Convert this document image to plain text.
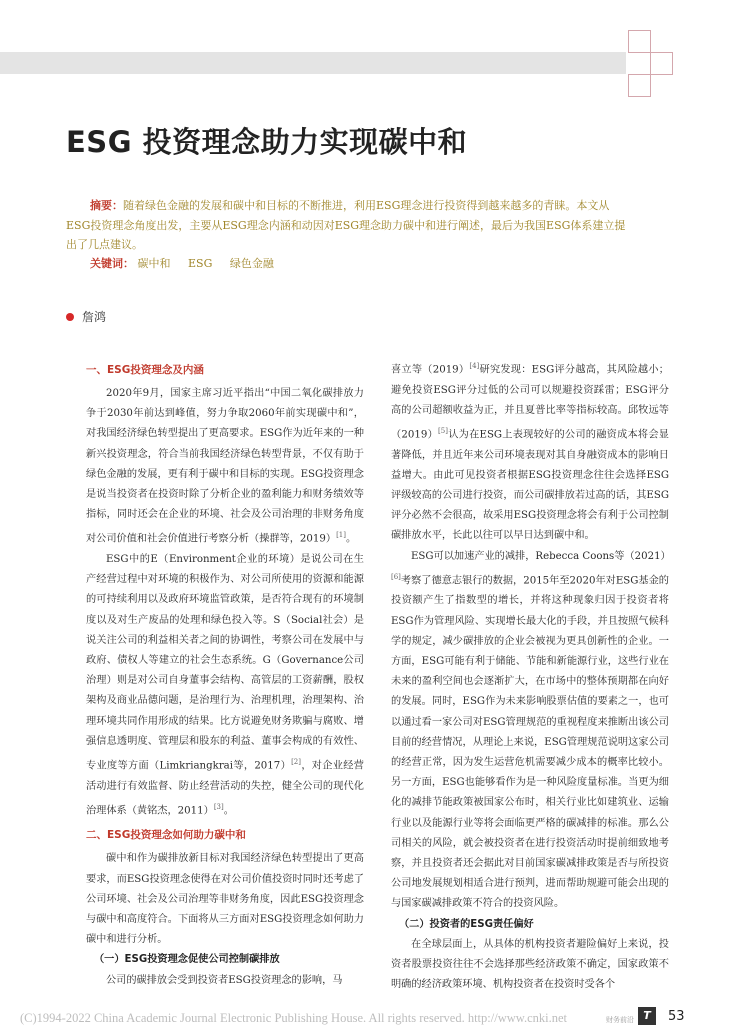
ESG 投资理念助力实现碳中和
摘要：随着绿色金融的发展和碳中和目标的不断推进，利用ESG理念进行投资得到越来越多的青睐。本文从ESG投资理念角度出发，主要从ESG理念内涵和动因对ESG理念助力碳中和进行阐述，最后为我国ESG体系建立提出了几点建议。
关键词： 碳中和 ESG 绿色金融
詹鸿
一、ESG投资理念及内涵

2020年9月，国家主席习近平指出“中国二氧化碳排放力争于2030年前达到峰值，努力争取2060年前实现碳中和”，对我国经济绿色转型提出了更高要求。ESG作为近年来的一种新兴投资理念，符合当前我国经济绿色转型背景，不仅有助于绿色金融的发展，更有利于碳中和目标的实现。ESG投资理念是说当投资者在投资时除了分析企业的盈利能力和财务绩效等指标，同时还会在企业的环境、社会及公司治理的非财务角度对公司价值和社会价值进行考察分析（操群等，2019）[1]。

ESG中的E（Environment企业的环境）是说公司在生产经营过程中对环境的积极作为、对公司所使用的资源和能源的可持续利用以及政府环境监管政策，是否符合现有的环境制度以及对生产废品的处理和绿色投入等。S（Social社会）是说关注公司的利益相关者之间的协调性，考察公司在发展中与政府、债权人等建立的社会生态系统。G（Governance公司治理）则是对公司自身董事会结构、高管层的工资薪酬，股权架构及商业品德问题，是治理行为、治理机理，治理架构、治理环境共同作用形成的结果。比方说避免财务欺骗与腐败、增强信息透明度、管理层和股东的利益、董事会构成的有效性、专业度等方面（Limkriangkrai等，2017）[2]，对企业经营活动进行有效监督、防止经营活动的失控，健全公司的现代化治理体系（黄铭杰，2011）[3]。

二、ESG投资理念如何助力碳中和

碳中和作为碳排放新目标对我国经济绿色转型提出了更高要求，而ESG投资理念使得在对公司价值投资时同时还考虑了公司环境、社会及公司治理等非财务角度，因此ESG投资理念与碳中和高度符合。下面将从三方面对ESG投资理念如何助力碳中和进行分析。

（一）ESG投资理念促使公司控制碳排放

公司的碳排放会受到投资者ESG投资理念的影响，马

喜立等（2019）[4]研究发现：ESG评分越高，其风险越小；避免投资ESG评分过低的公司可以规避投资踩雷；ESG评分高的公司超额收益为正，并且夏普比率等指标较高。邱牧远等（2019）[5]认为在ESG上表现较好的公司的融资成本将会显著降低，并且近年来公司环境表现对其自身融资成本的影响日益增大。由此可见投资者根据ESG投资理念往往会选择ESG评级较高的公司进行投资，而公司碳排放若过高的话，其ESG评分必然不会很高，故采用ESG投资理念将会有利于公司控制碳排放水平，长此以往可以早日达到碳中和。

ESG可以加速产业的减排，Rebecca Coons等（2021）[6]考察了德意志银行的数据，2015年至2020年对ESG基金的投资额产生了指数型的增长，并将这种现象归因于投资者将ESG作为管理风险、实现增长最大化的手段，并且按照气候科学的规定，减少碳排放的企业会被视为更具创新性的企业。一方面，ESG可能有利于储能、节能和新能源行业，这些行业在未来的盈利空间也会逐渐扩大，在市场中的整体预期都在向好的发展。同时，ESG作为未来影响股票估值的要素之一，也可以通过看一家公司对ESG管理规范的重视程度来推断出该公司目前的经营情况，从理论上来说，ESG管理规范说明这家公司的经营正常，因为发生运营危机需要减少成本的概率比较小。另一方面，ESG也能够看作为是一种风险度量标准。当更为细化的减排节能政策被国家公布时，相关行业比如建筑业、运输行业以及能源行业等将会面临更严格的碳减排的标准。那么公司相关的风险，就会被投资者在进行投资活动时提前细致地考察，并且投资者还会据此对目前国家碳减排政策是否与所投资公司地发展规划相适合进行预判，进而帮助规避可能会出现的与国家碳减排政策不符合的投资风险。

（二）投资者的ESG责任偏好

在全球层面上，从具体的机构投资者避险偏好上来说，投资者股票投资往往不会选择那些经济政策不确定，国家政策不明确的经济政策环境、机构投资者在投资时受各个

(C)1994-2022 China Academic Journal Electronic Publishing House. All rights reserved. http://www.cnki.net	财务前沿 T	53
